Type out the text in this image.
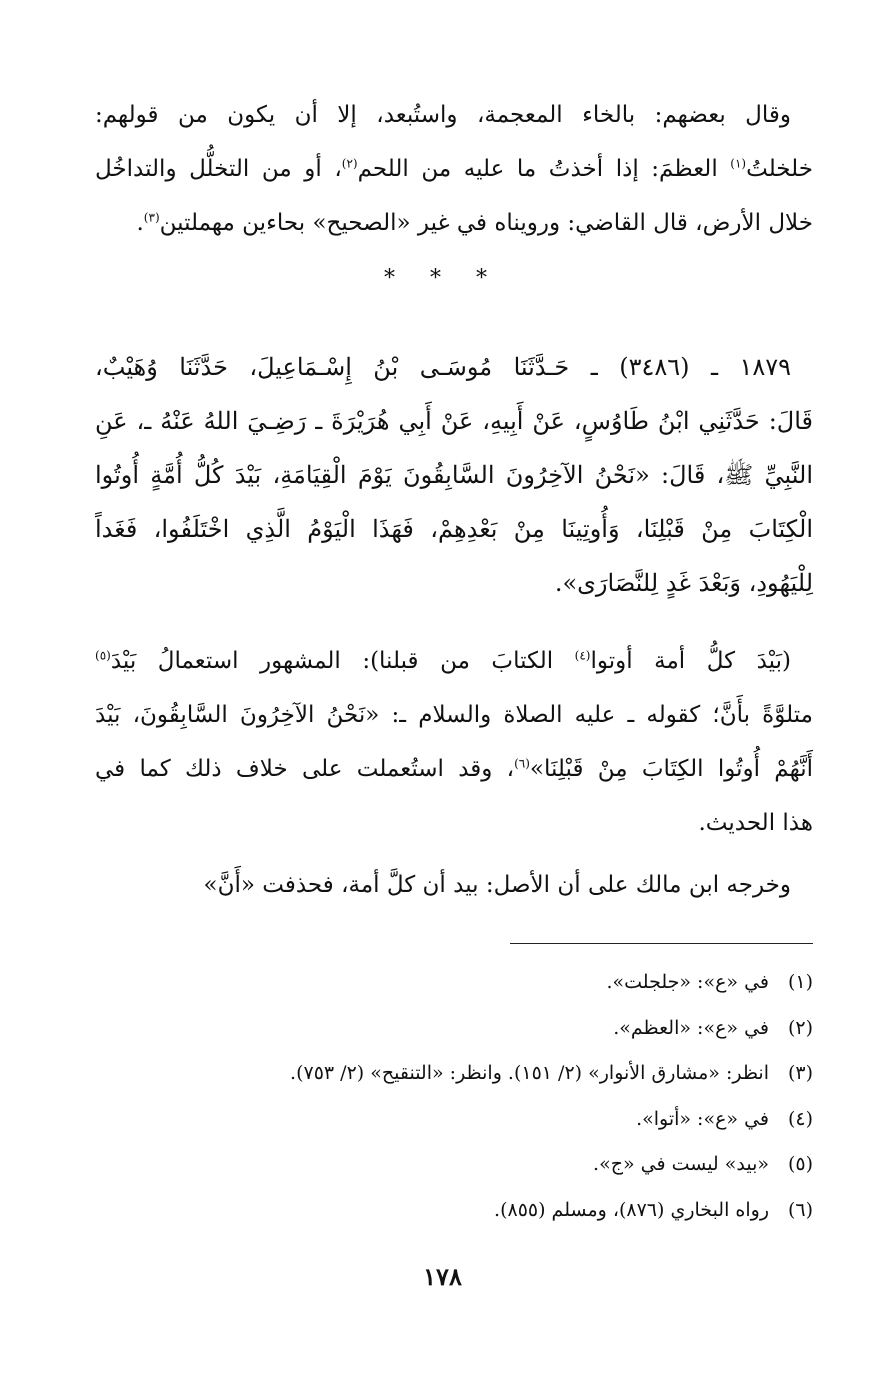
وقال بعضهم: بالخاء المعجمة، واستُبعد، إلا أن يكون من قولهم:
خلخلتُ$^{(١)}$ العظمَ: إذا أخذتُ ما عليه من اللحم$^{(٢)}$، أو من التخلُّل والتداخُل
خلال الأرض، قال القاضي: ورويناه في غير «الصحيح» بحاءين مهملتين$^{(٣)}$.
* * *
١٨٧٩ ـ (٣٤٨٦) ـ حَـدَّثَنَا مُوسَـى بْنُ إِسْـمَاعِيلَ، حَدَّثَنَا وُهَيْبٌ،
قَالَ: حَدَّثَنِي ابْنُ طَاوُسٍ، عَنْ أَبِيهِ، عَنْ أَبِي هُرَيْرَةَ ـ رَضِـيَ اللهُ عَنْهُ ـ، عَنِ
النَّبِيِّ ﷺ، قَالَ: «نَحْنُ الآخِرُونَ السَّابِقُونَ يَوْمَ الْقِيَامَةِ، بَيْدَ كُلُّ أُمَّةٍ أُوتُوا
الْكِتَابَ مِنْ قَبْلِنَا، وَأُوتِينَا مِنْ بَعْدِهِمْ، فَهَذَا الْيَوْمُ الَّذِي اخْتَلَفُوا، فَغَداً
لِلْيَهُودِ، وَبَعْدَ غَدٍ لِلنَّصَارَى».
(بَيْدَ كلُّ أمة أوتوا$^{(٤)}$ الكتابَ من قبلنا): المشهور استعمالُ بَيْدَ$^{(٥)}$
متلوَّةً بأَنَّ؛ كقوله ـ عليه الصلاة والسلام ـ: «نَحْنُ الآخِرُونَ السَّابِقُونَ، بَيْدَ
أَنَّهُمْ أُوتُوا الكِتَابَ مِنْ قَبْلِنَا»$^{(٦)}$، وقد استُعملت على خلاف ذلك كما في
هذا الحديث.
وخرجه ابن مالك على أن الأصل: بيد أن كلَّ أمة، فحذفت «أَنَّ»
(١)في «ع»: «جلجلت».
(٢)في «ع»: «العظم».
(٣)انظر: «مشارق الأنوار» (٢/ ١٥١). وانظر: «التنقيح» (٢/ ٧٥٣).
(٤)في «ع»: «أتوا».
(٥)«بيد» ليست في «ج».
(٦)رواه البخاري (٨٧٦)، ومسلم (٨٥٥).
١٧٨
